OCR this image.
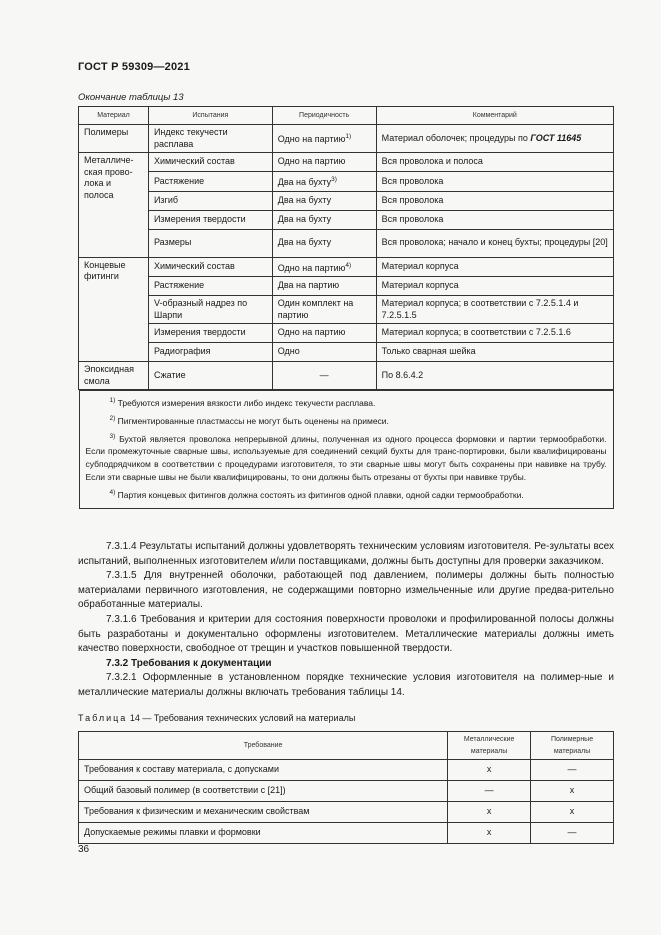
ГОСТ Р 59309—2021
Окончание таблицы 13
Материал	Испытания	Периодичность	Комментарий
Полимеры	Индекс текучести расплава	Одно на партию$^{1)}$	Материал оболочек; процедуры по ГОСТ 11645
Металличе-ская прово-лока и полоса	Химический состав	Одно на партию	Вся проволока и полоса
	Растяжение	Два на бухту$^{3)}$	Вся проволока
	Изгиб	Два на бухту	Вся проволока
	Измерения твердости	Два на бухту	Вся проволока
	Размеры	Два на бухту	Вся проволока; начало и конец бухты; процедуры [20]
Концевые фитинги	Химический состав	Одно на партию$^{4)}$	Материал корпуса
	Растяжение	Два на партию	Материал корпуса
	V-образный надрез по Шарпи	Один комплект на партию	Материал корпуса; в соответствии с 7.2.5.1.4 и 7.2.5.1.5
	Измерения твердости	Одно на партию	Материал корпуса; в соответствии с 7.2.5.1.6
	Радиография	Одно	Только сварная шейка
Эпоксидная смола	Сжатие	—	По 8.6.4.2

$^{1)}$ Требуются измерения вязкости либо индекс текучести расплава.

$^{2)}$ Пигментированные пластмассы не могут быть оценены на примеси.

$^{3)}$ Бухтой является проволока непрерывной длины, полученная из одного процесса формовки и партии термообработки. Если промежуточные сварные швы, используемые для соединений секций бухты для транс-портировки, были квалифицированы субподрядчиком в соответствии с процедурами изготовителя, то эти сварные швы могут быть сохранены при навивке на трубу. Если эти сварные швы не были квалифицированы, то они должны быть отрезаны от бухты при навивке трубы.

$^{4)}$ Партия концевых фитингов должна состоять из фитингов одной плавки, одной садки термообработки.			

7.3.1.4 Результаты испытаний должны удовлетворять техническим условиям изготовителя. Ре-зультаты всех испытаний, выполненных изготовителем и/или поставщиками, должны быть доступны для проверки заказчиком.

7.3.1.5 Для внутренней оболочки, работающей под давлением, полимеры должны быть полностью материалами первичного изготовления, не содержащими повторно измельченные или другие предва-рительно обработанные материалы.

7.3.1.6 Требования и критерии для состояния поверхности проволоки и профилированной полосы должны быть разработаны и документально оформлены изготовителем. Металлические материалы должны иметь качество поверхности, свободное от трещин и участков повышенной твердости.

7.3.2 Требования к документации

7.3.2.1 Оформленные в установленном порядке технические условия изготовителя на полимер-ные и металлические материалы должны включать требования таблицы 14.

Таблица 14 — Требования технических условий на материалы
Требование	Металлические материалы	Полимерные материалы
Требования к составу материала, с допусками	x	—
Общий базовый полимер (в соответствии с [21])	—	x
Требования к физическим и механическим свойствам	x	x
Допускаемые режимы плавки и формовки	x	—
36
